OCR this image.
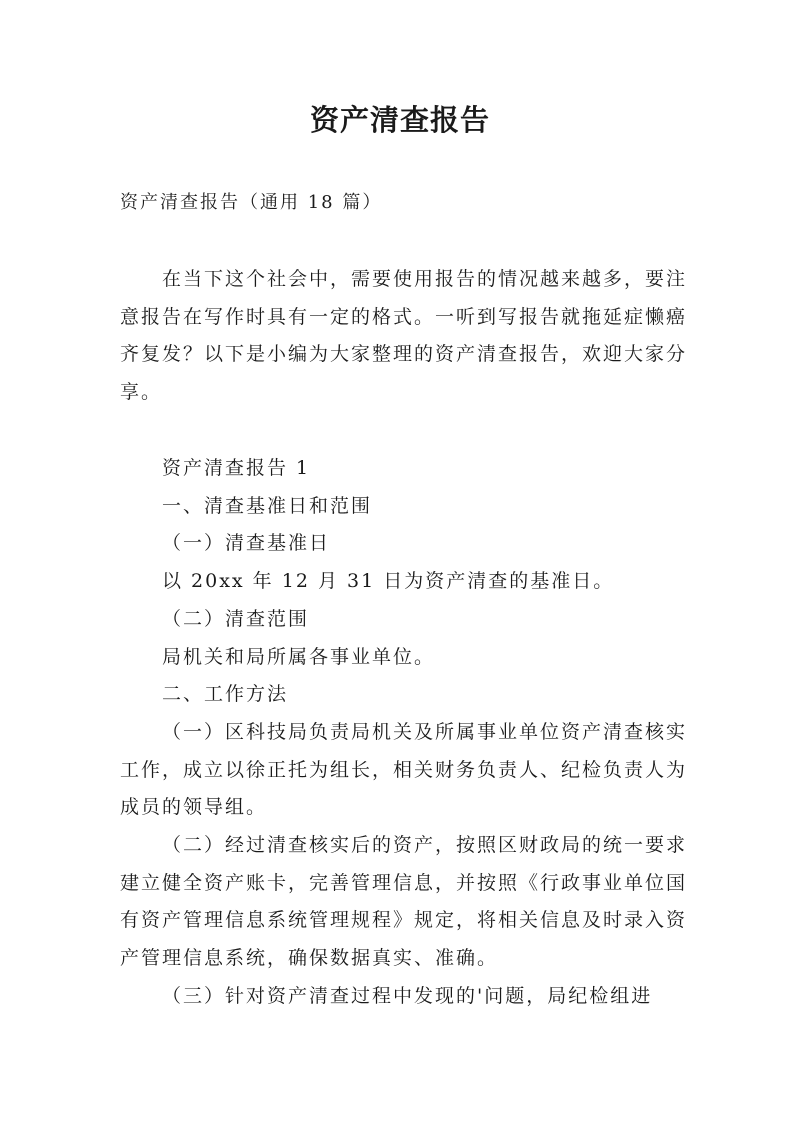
资产清查报告
资产清查报告（通用 18 篇）

在当下这个社会中，需要使用报告的情况越来越多，要注意报告在写作时具有一定的格式。一听到写报告就拖延症懒癌齐复发？以下是小编为大家整理的资产清查报告，欢迎大家分享。

资产清查报告 1

一、清查基准日和范围

（一）清查基准日

以 20xx 年 12 月 31 日为资产清查的基准日。

（二）清查范围

局机关和局所属各事业单位。

二、工作方法

（一）区科技局负责局机关及所属事业单位资产清查核实工作，成立以徐正托为组长，相关财务负责人、纪检负责人为成员的领导组。

（二）经过清查核实后的资产，按照区财政局的统一要求建立健全资产账卡，完善管理信息，并按照《行政事业单位国有资产管理信息系统管理规程》规定，将相关信息及时录入资产管理信息系统，确保数据真实、准确。

（三）针对资产清查过程中发现的'问题，局纪检组进
